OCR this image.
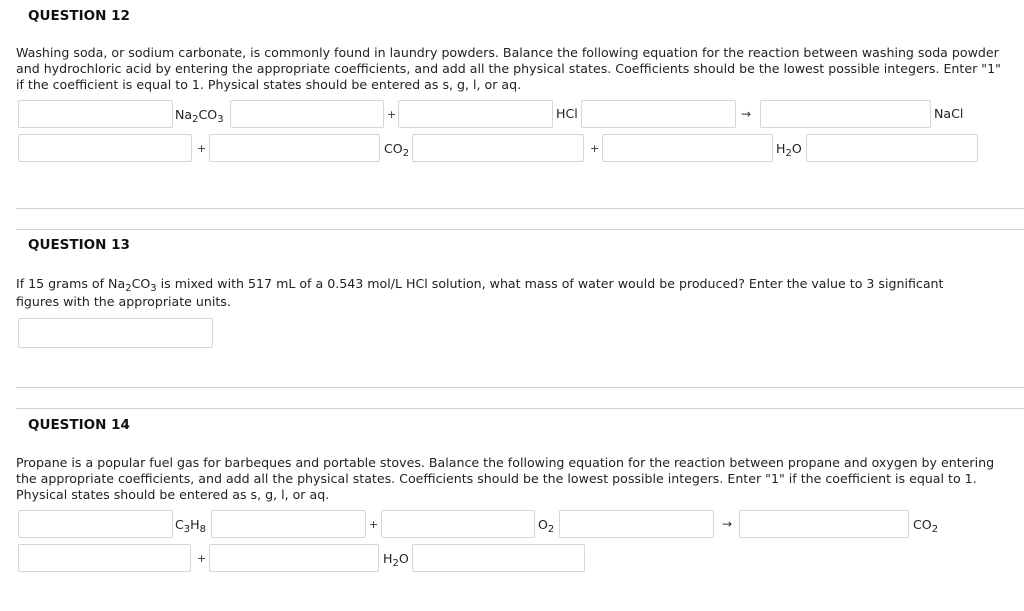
QUESTION 12
Washing soda, or sodium carbonate, is commonly found in laundry powders. Balance the following equation for the reaction between washing soda powder and hydrochloric acid by entering the appropriate coefficients, and add all the physical states. Coefficients should be the lowest possible integers. Enter "1" if the coefficient is equal to 1. Physical states should be entered as s, g, l, or aq.
$Na_2CO_3$	+	HCl	→	NaCl
+	$CO_2$	+	$H_2O$
QUESTION 13
If 15 grams of $Na_2CO_3$ is mixed with 517 mL of a 0.543 mol/L HCl solution, what mass of water would be produced? Enter the value to 3 significant figures with the appropriate units.
QUESTION 14
Propane is a popular fuel gas for barbeques and portable stoves. Balance the following equation for the reaction between propane and oxygen by entering the appropriate coefficients, and add all the physical states. Coefficients should be the lowest possible integers. Enter "1" if the coefficient is equal to 1. Physical states should be entered as s, g, l, or aq.
$C_3H_8$	+	$O_2$	→	$CO_2$
+	$H_2O$
